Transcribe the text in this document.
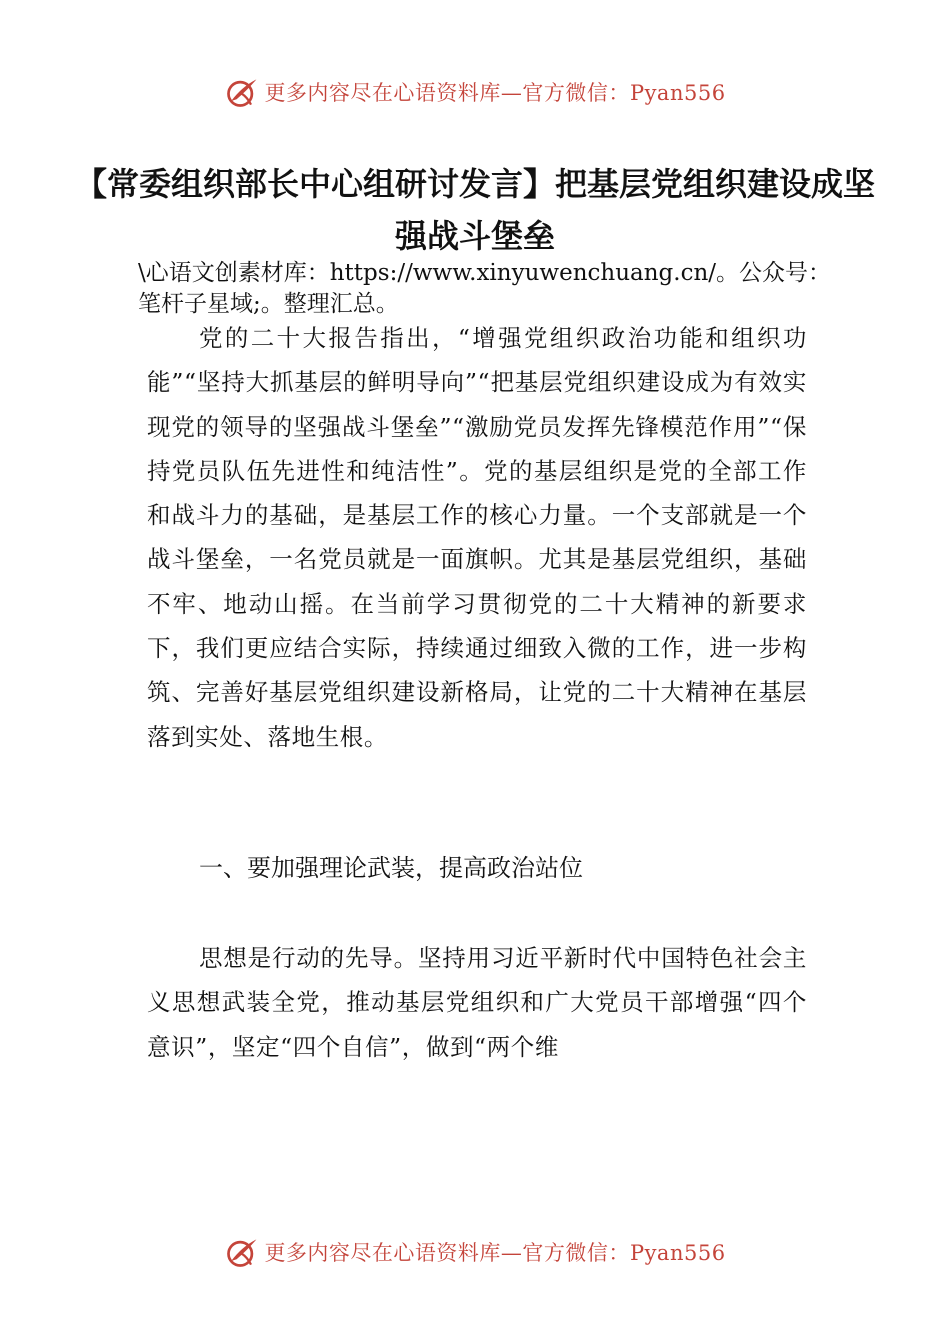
更多内容尽在心语资料库—官方微信：Pyan556
【常委组织部长中心组研讨发言】把基层党组织建设成坚强战斗堡垒
\心语文创素材库：https://www.xinyuwenchuang.cn/。公众号：笔杆子星域;。整理汇总。

党的二十大报告指出，“增强党组织政治功能和组织功能”“坚持大抓基层的鲜明导向”“把基层党组织建设成为有效实现党的领导的坚强战斗堡垒”“激励党员发挥先锋模范作用”“保持党员队伍先进性和纯洁性”。党的基层组织是党的全部工作和战斗力的基础，是基层工作的核心力量。一个支部就是一个战斗堡垒，一名党员就是一面旗帜。尤其是基层党组织，基础不牢、地动山摇。在当前学习贯彻党的二十大精神的新要求下，我们更应结合实际，持续通过细致入微的工作，进一步构筑、完善好基层党组织建设新格局，让党的二十大精神在基层落到实处、落地生根。

一、要加强理论武装，提高政治站位

思想是行动的先导。坚持用习近平新时代中国特色社会主义思想武装全党，推动基层党组织和广大党员干部增强“四个意识”，坚定“四个自信”，做到“两个维

更多内容尽在心语资料库—官方微信：Pyan556
